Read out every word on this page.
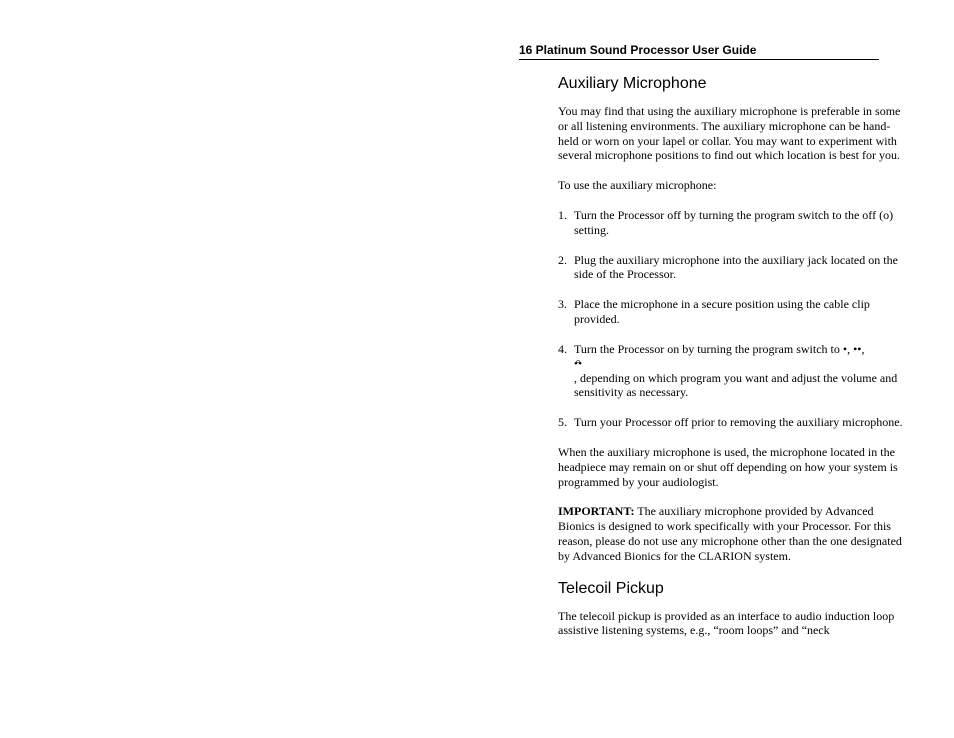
16 Platinum Sound Processor User Guide
Auxiliary Microphone

You may find that using the auxiliary microphone is preferable in some or all listening environments. The auxiliary microphone can be hand-held or worn on your lapel or collar. You may want to experiment with several microphone positions to find out which location is best for you.

To use the auxiliary microphone:

1. Turn the Processor off by turning the program switch to the off (o) setting.
2. Plug the auxiliary microphone into the auxiliary jack located on the side of the Processor.
3. Place the microphone in a secure position using the cable clip provided.
4. Turn the Processor on by turning the program switch to •, ••,
•°•
, depending on which program you want and adjust the volume and sensitivity as necessary.
5. Turn your Processor off prior to removing the auxiliary microphone.

When the auxiliary microphone is used, the microphone located in the headpiece may remain on or shut off depending on how your system is programmed by your audiologist.

IMPORTANT: The auxiliary microphone provided by Advanced Bionics is designed to work specifically with your Processor. For this reason, please do not use any microphone other than the one designated by Advanced Bionics for the CLARION system.

Telecoil Pickup

The telecoil pickup is provided as an interface to audio induction loop assistive listening systems, e.g., “room loops” and “neck
